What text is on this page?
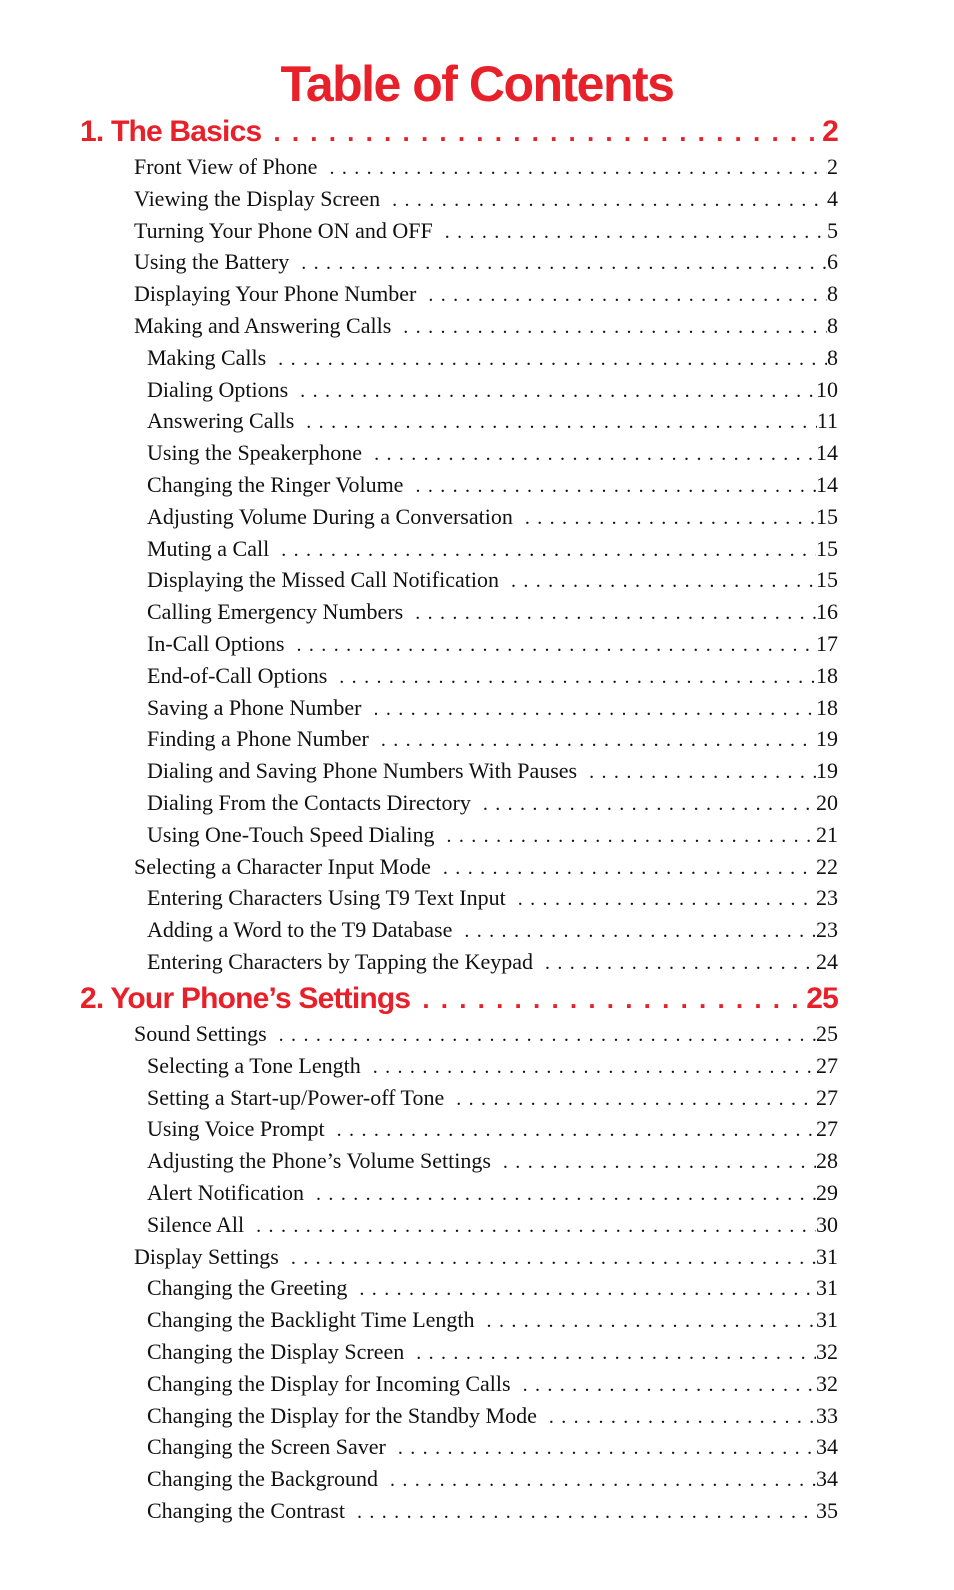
Table of Contents
1. The Basics . . .	2
Front View of Phone . . .	2
Viewing the Display Screen . . .	4
Turning Your Phone ON and OFF . . .	5
Using the Battery . . .	6
Displaying Your Phone Number . . .	8
Making and Answering Calls . . .	8
Making Calls . . .	8
Dialing Options . . .	10
Answering Calls . . .	11
Using the Speakerphone . . .	14
Changing the Ringer Volume . . .	14
Adjusting Volume During a Conversation . . .	15
Muting a Call . . .	15
Displaying the Missed Call Notification . . .	15
Calling Emergency Numbers . . .	16
In-Call Options . . .	17
End-of-Call Options . . .	18
Saving a Phone Number . . .	18
Finding a Phone Number . . .	19
Dialing and Saving Phone Numbers With Pauses . . .	19
Dialing From the Contacts Directory . . .	20
Using One-Touch Speed Dialing . . .	21
Selecting a Character Input Mode . . .	22
Entering Characters Using T9 Text Input . . .	23
Adding a Word to the T9 Database . . .	23
Entering Characters by Tapping the Keypad . . .	24
2. Your Phone’s Settings . . .	25
Sound Settings . . .	25
Selecting a Tone Length . . .	27
Setting a Start-up/Power-off Tone . . .	27
Using Voice Prompt . . .	27
Adjusting the Phone’s Volume Settings . . .	28
Alert Notification . . .	29
Silence All . . .	30
Display Settings . . .	31
Changing the Greeting . . .	31
Changing the Backlight Time Length . . .	31
Changing the Display Screen . . .	32
Changing the Display for Incoming Calls . . .	32
Changing the Display for the Standby Mode . . .	33
Changing the Screen Saver . . .	34
Changing the Background . . .	34
Changing the Contrast . . .	35
